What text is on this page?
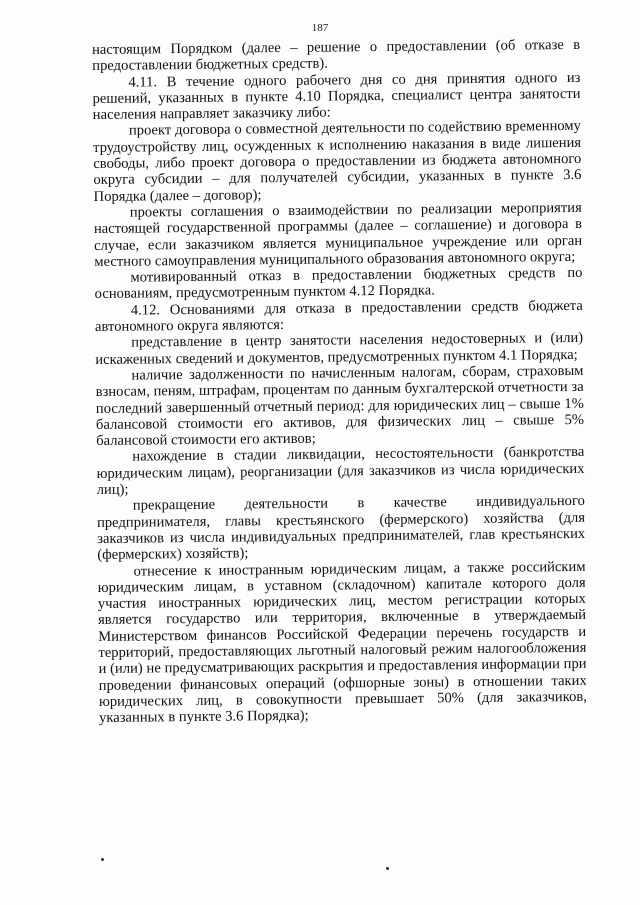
187

настоящим Порядком (далее – решение о предоставлении (об отказе в предоставлении бюджетных средств).

4.11. В течение одного рабочего дня со дня принятия одного из решений, указанных в пункте 4.10 Порядка, специалист центра занятости населения направляет заказчику либо:

проект договора о совместной деятельности по содействию временному трудоустройству лиц, осужденных к исполнению наказания в виде лишения свободы, либо проект договора о предоставлении из бюджета автономного округа субсидии – для получателей субсидии, указанных в пункте 3.6 Порядка (далее – договор);

проекты соглашения о взаимодействии по реализации мероприятия настоящей государственной программы (далее – соглашение) и договора в случае, если заказчиком является муниципальное учреждение или орган местного самоуправления муниципального образования автономного округа;

мотивированный отказ в предоставлении бюджетных средств по основаниям, предусмотренным пунктом 4.12 Порядка.

4.12. Основаниями для отказа в предоставлении средств бюджета автономного округа являются:

представление в центр занятости населения недостоверных и (или) искаженных сведений и документов, предусмотренных пунктом 4.1 Порядка;

наличие задолженности по начисленным налогам, сборам, страховым взносам, пеням, штрафам, процентам по данным бухгалтерской отчетности за последний завершенный отчетный период: для юридических лиц – свыше 1% балансовой стоимости его активов, для физических лиц – свыше 5% балансовой стоимости его активов;

нахождение в стадии ликвидации, несостоятельности (банкротства юридическим лицам), реорганизации (для заказчиков из числа юридических лиц);

прекращение деятельности в качестве индивидуального предпринимателя, главы крестьянского (фермерского) хозяйства (для заказчиков из числа индивидуальных предпринимателей, глав крестьянских (фермерских) хозяйств);

отнесение к иностранным юридическим лицам, а также российским юридическим лицам, в уставном (складочном) капитале которого доля участия иностранных юридических лиц, местом регистрации которых является государство или территория, включенные в утверждаемый Министерством финансов Российской Федерации перечень государств и территорий, предоставляющих льготный налоговый режим налогообложения и (или) не предусматривающих раскрытия и предоставления информации при проведении финансовых операций (офшорные зоны) в отношении таких юридических лиц, в совокупности превышает 50% (для заказчиков, указанных в пункте 3.6 Порядка);
